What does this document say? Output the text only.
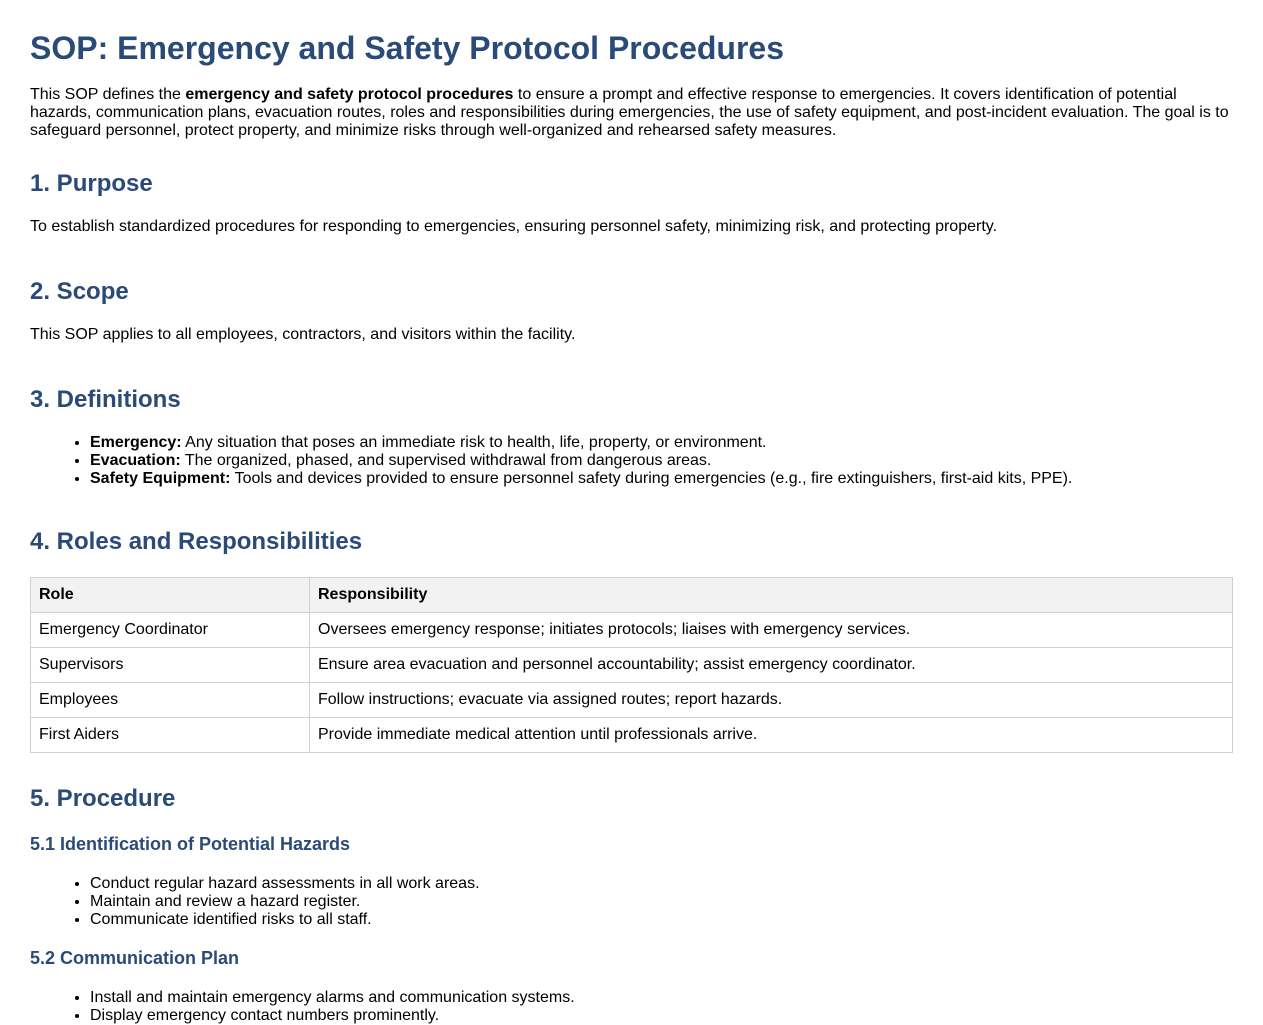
SOP: Emergency and Safety Protocol Procedures

This SOP defines the emergency and safety protocol procedures to ensure a prompt and effective response to emergencies. It covers identification of potential hazards, communication plans, evacuation routes, roles and responsibilities during emergencies, the use of safety equipment, and post-incident evaluation. The goal is to safeguard personnel, protect property, and minimize risks through well-organized and rehearsed safety measures.

1. Purpose

To establish standardized procedures for responding to emergencies, ensuring personnel safety, minimizing risk, and protecting property.

2. Scope

This SOP applies to all employees, contractors, and visitors within the facility.

3. Definitions
• Emergency: Any situation that poses an immediate risk to health, life, property, or environment.
• Evacuation: The organized, phased, and supervised withdrawal from dangerous areas.
• Safety Equipment: Tools and devices provided to ensure personnel safety during emergencies (e.g., fire extinguishers, first-aid kits, PPE).
4. Roles and Responsibilities
Role	Responsibility
Emergency Coordinator	Oversees emergency response; initiates protocols; liaises with emergency services.
Supervisors	Ensure area evacuation and personnel accountability; assist emergency coordinator.
Employees	Follow instructions; evacuate via assigned routes; report hazards.
First Aiders	Provide immediate medical attention until professionals arrive.
5. Procedure
5.1 Identification of Potential Hazards
• Conduct regular hazard assessments in all work areas.
• Maintain and review a hazard register.
• Communicate identified risks to all staff.
5.2 Communication Plan
• Install and maintain emergency alarms and communication systems.
• Display emergency contact numbers prominently.
